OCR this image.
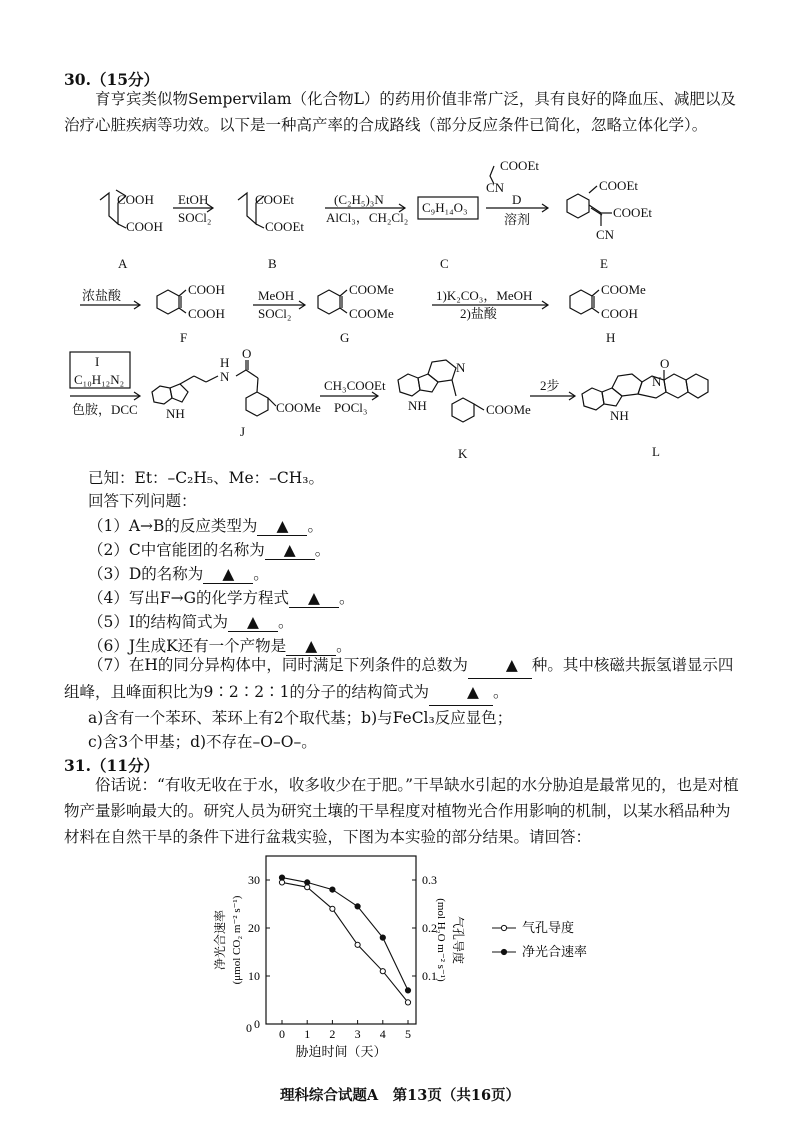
30.（15分）
育亨宾类似物Sempervilam（化合物L）的药用价值非常广泛，具有良好的降血压、减肥以及治疗心脏疾病等功效。以下是一种高产率的合成路线（部分反应条件已简化，忽略立体化学）。
EtOH
SOCl₂
(C₂H₅)₃N
AlCl₃，CH₂Cl₂
C₉H₁₄O₃
溶剂
COOEt
CN
D
浓盐酸	MeOH
SOCl₂
1)K₂CO₃，MeOH
2)盐酸
I
C₁₀H₁₂N₂
色胺，DCC
CH₃COOEt
POCl₃
2步
COOH
COOH
COOEt
COOEt
COOEt
COOEt
CN
COOH
COOH
COOMe
COOMe
COOMe
COOH
O
N
H
NH	COOMe
N
NH	COOMe
O
N
NH
A	B	C	E
F	G	H
J
K	L
已知：Et：–C₂H₅、Me：–CH₃。
回答下列问题：
（1）A→B的反应类型为 ▲ 。
（2）C中官能团的名称为 ▲ 。
（3）D的名称为 ▲ 。
（4）写出F→G的化学方程式 ▲ 。
（5）I的结构简式为 ▲ 。
（6）J生成K还有一个产物是 ▲ 。
（7）在H的同分异构体中，同时满足下列条件的总数为 ▲ 种。其中核磁共振氢谱显示四组峰，且峰面积比为9∶2∶2∶1的分子的结构简式为 ▲ 。
a)含有一个苯环、苯环上有2个取代基；b)与FeCl₃反应显色；
c)含3个甲基；d)不存在–O–O–。
31.（11分）
俗话说：“有收无收在于水，收多收少在于肥。”干旱缺水引起的水分胁迫是最常见的，也是对植物产量影响最大的。研究人员为研究土壤的干旱程度对植物光合作用影响的机制，以某水稻品种为材料在自然干旱的条件下进行盆栽实验，下图为本实验的部分结果。请回答：
0
10
20
30
0.1
0.2
0.3
0 1 2 3 4 5
0
净光合速率 (μmol CO₂ m⁻² s⁻¹)	气孔导度
(mol H₂O m⁻² s⁻¹)
胁迫时间（天）
气孔导度
净光合速率
理科综合试题A　第13页（共16页）
